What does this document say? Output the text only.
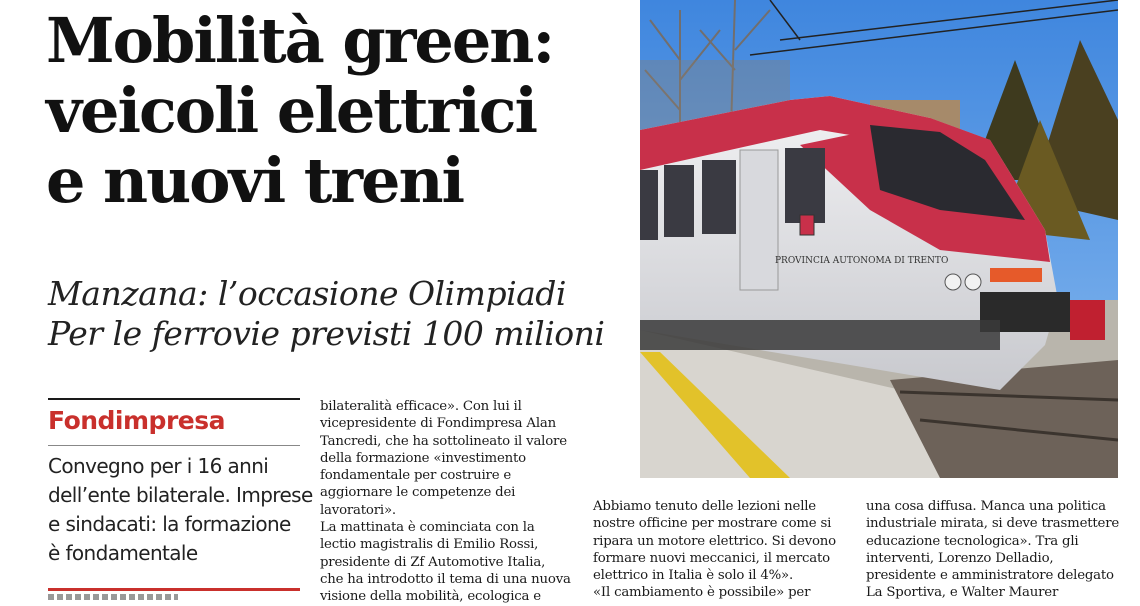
Mobilità green:
veicoli elettrici
e nuovi treni
Manzana: l’occasione Olimpiadi
Per le ferrovie previsti 100 milioni
PROVINCIA AUTONOMA DI TRENTO
Fondimpresa
Convegno per i 16 anni
dell’ente bilaterale. Imprese
e sindacati: la formazione
è fondamentale
bilateralità efficace». Con lui il
vicepresidente di Fondimpresa Alan
Tancredi, che ha sottolineato il valore
della formazione «investimento
fondamentale per costruire e
aggiornare le competenze dei
lavoratori».
La mattinata è cominciata con la
lectio magistralis di Emilio Rossi,
presidente di Zf Automotive Italia,
che ha introdotto il tema di una nuova
visione della mobilità, ecologica e
Abbiamo tenuto delle lezioni nelle
nostre officine per mostrare come si
ripara un motore elettrico. Si devono
formare nuovi meccanici, il mercato
elettrico in Italia è solo il 4%».
«Il cambiamento è possibile» per
una cosa diffusa. Manca una politica
industriale mirata, si deve trasmettere
educazione tecnologica». Tra gli
interventi, Lorenzo Delladio,
presidente e amministratore delegato
La Sportiva, e Walter Maurer
